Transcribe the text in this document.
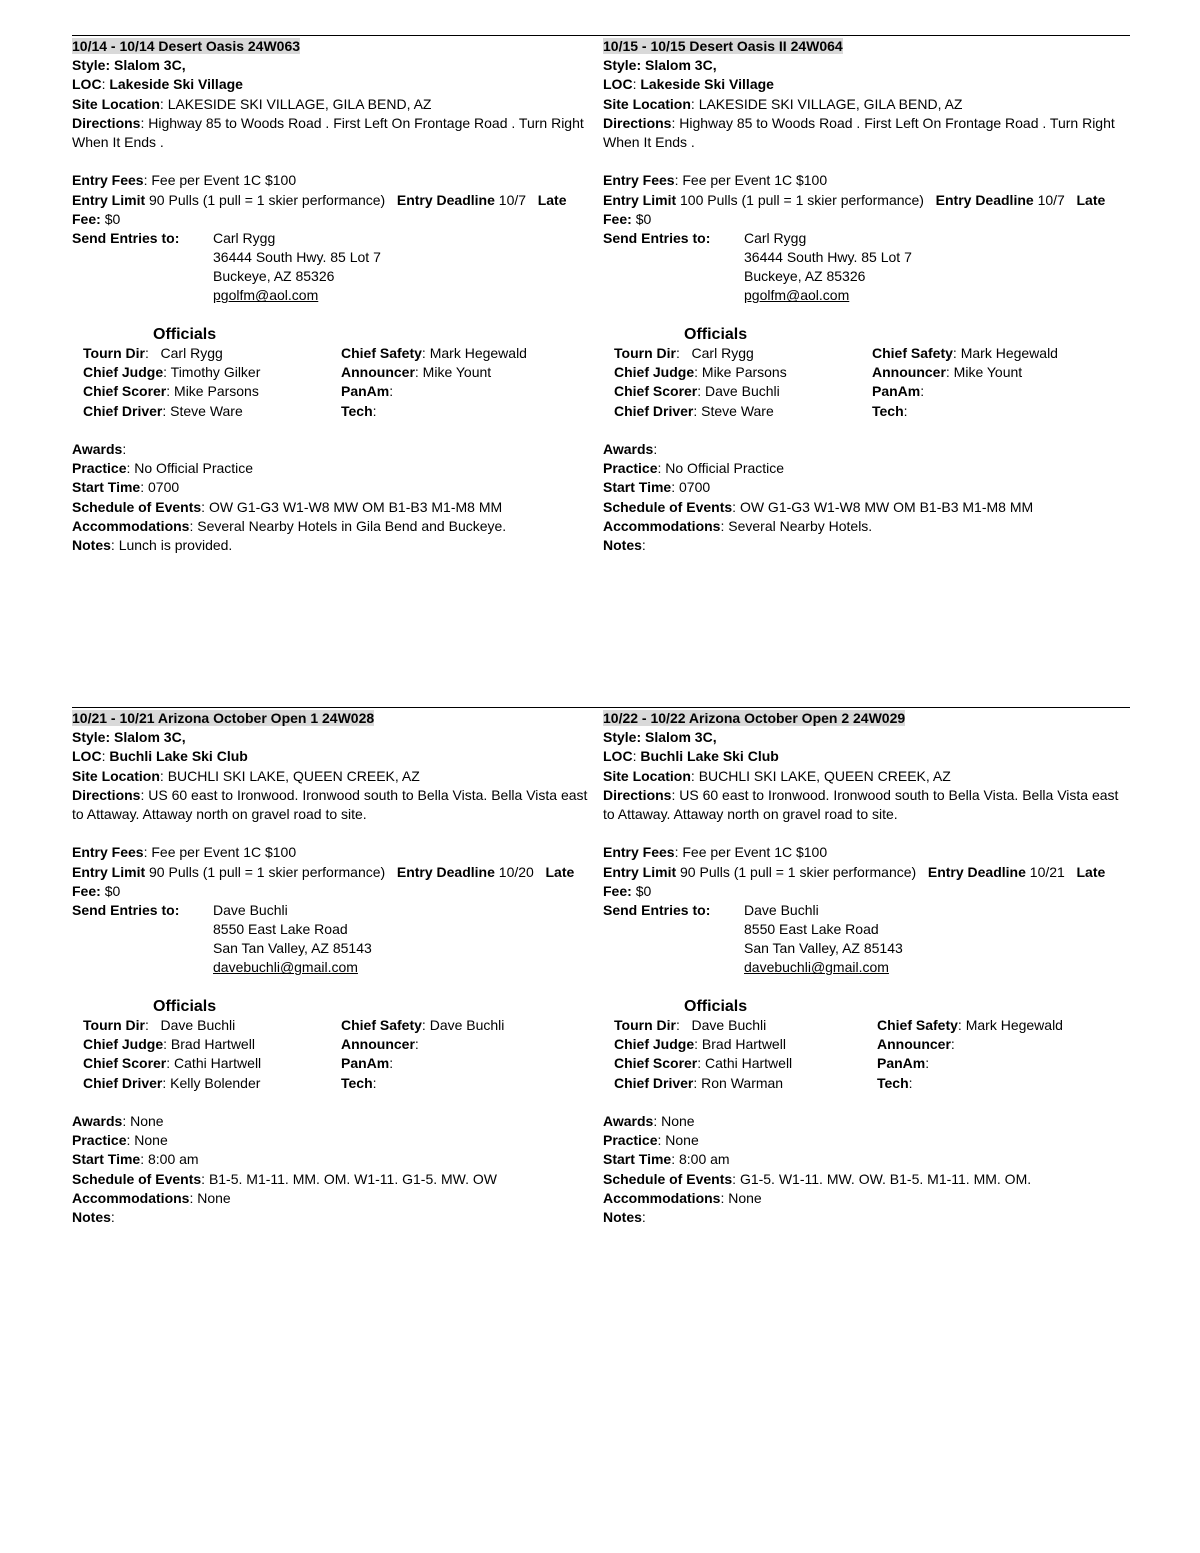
10/14 - 10/14 Desert Oasis 24W063
Style: Slalom 3C,
LOC: Lakeside Ski Village
Site Location: LAKESIDE SKI VILLAGE, GILA BEND, AZ
Directions: Highway 85 to Woods Road . First Left On Frontage Road . Turn Right When It Ends .
Entry Fees: Fee per Event 1C $100
Entry Limit 90 Pulls (1 pull = 1 skier performance) Entry Deadline 10/7 Late
Fee: $0
Send Entries to: Carl Rygg
36444 South Hwy. 85 Lot 7
Buckeye, AZ 85326
pgolfm@aol.com
Officials
Tourn Dir:   Carl Rygg
Chief Judge: Timothy Gilker
Chief Scorer: Mike Parsons
Chief Driver: Steve Ware
Chief Safety: Mark Hegewald
Announcer: Mike Yount
PanAm:
Tech:
Awards:
Practice: No Official Practice
Start Time: 0700
Schedule of Events: OW G1-G3 W1-W8 MW OM B1-B3 M1-M8 MM
Accommodations: Several Nearby Hotels in Gila Bend and Buckeye.
Notes: Lunch is provided.
10/15 - 10/15 Desert Oasis II 24W064
Style: Slalom 3C,
LOC: Lakeside Ski Village
Site Location: LAKESIDE SKI VILLAGE, GILA BEND, AZ
Directions: Highway 85 to Woods Road . First Left On Frontage Road . Turn Right When It Ends .
Entry Fees: Fee per Event 1C $100
Entry Limit 100 Pulls (1 pull = 1 skier performance) Entry Deadline 10/7 Late
Fee: $0
Send Entries to: Carl Rygg
36444 South Hwy. 85 Lot 7
Buckeye, AZ 85326
pgolfm@aol.com
Officials
Tourn Dir:   Carl Rygg
Chief Judge: Mike Parsons
Chief Scorer: Dave Buchli
Chief Driver: Steve Ware
Chief Safety: Mark Hegewald
Announcer: Mike Yount
PanAm:
Tech:
Awards:
Practice: No Official Practice
Start Time: 0700
Schedule of Events: OW G1-G3 W1-W8 MW OM B1-B3 M1-M8 MM
Accommodations: Several Nearby Hotels.
Notes:
10/21 - 10/21 Arizona October Open 1 24W028
Style: Slalom 3C,
LOC: Buchli Lake Ski Club
Site Location: BUCHLI SKI LAKE, QUEEN CREEK, AZ
Directions: US 60 east to Ironwood. Ironwood south to Bella Vista. Bella Vista east to Attaway. Attaway north on gravel road to site.
Entry Fees: Fee per Event 1C $100
Entry Limit 90 Pulls (1 pull = 1 skier performance) Entry Deadline 10/20 Late
Fee: $0
Send Entries to: Dave Buchli
8550 East Lake Road
San Tan Valley, AZ 85143
davebuchli@gmail.com
Officials
Tourn Dir:   Dave Buchli
Chief Judge: Brad Hartwell
Chief Scorer: Cathi Hartwell
Chief Driver: Kelly Bolender
Chief Safety: Dave Buchli
Announcer:
PanAm:
Tech:
Awards: None
Practice: None
Start Time: 8:00 am
Schedule of Events: B1-5. M1-11. MM. OM. W1-11. G1-5. MW. OW
Accommodations: None
Notes:
10/22 - 10/22 Arizona October Open 2 24W029
Style: Slalom 3C,
LOC: Buchli Lake Ski Club
Site Location: BUCHLI SKI LAKE, QUEEN CREEK, AZ
Directions: US 60 east to Ironwood. Ironwood south to Bella Vista. Bella Vista east to Attaway. Attaway north on gravel road to site.
Entry Fees: Fee per Event 1C $100
Entry Limit 90 Pulls (1 pull = 1 skier performance) Entry Deadline 10/21 Late
Fee: $0
Send Entries to: Dave Buchli
8550 East Lake Road
San Tan Valley, AZ 85143
davebuchli@gmail.com
Officials
Tourn Dir:   Dave Buchli
Chief Judge: Brad Hartwell
Chief Scorer: Cathi Hartwell
Chief Driver: Ron Warman
Chief Safety: Mark Hegewald
Announcer:
PanAm:
Tech:
Awards: None
Practice: None
Start Time: 8:00 am
Schedule of Events: G1-5. W1-11. MW. OW. B1-5. M1-11. MM. OM.
Accommodations: None
Notes:
